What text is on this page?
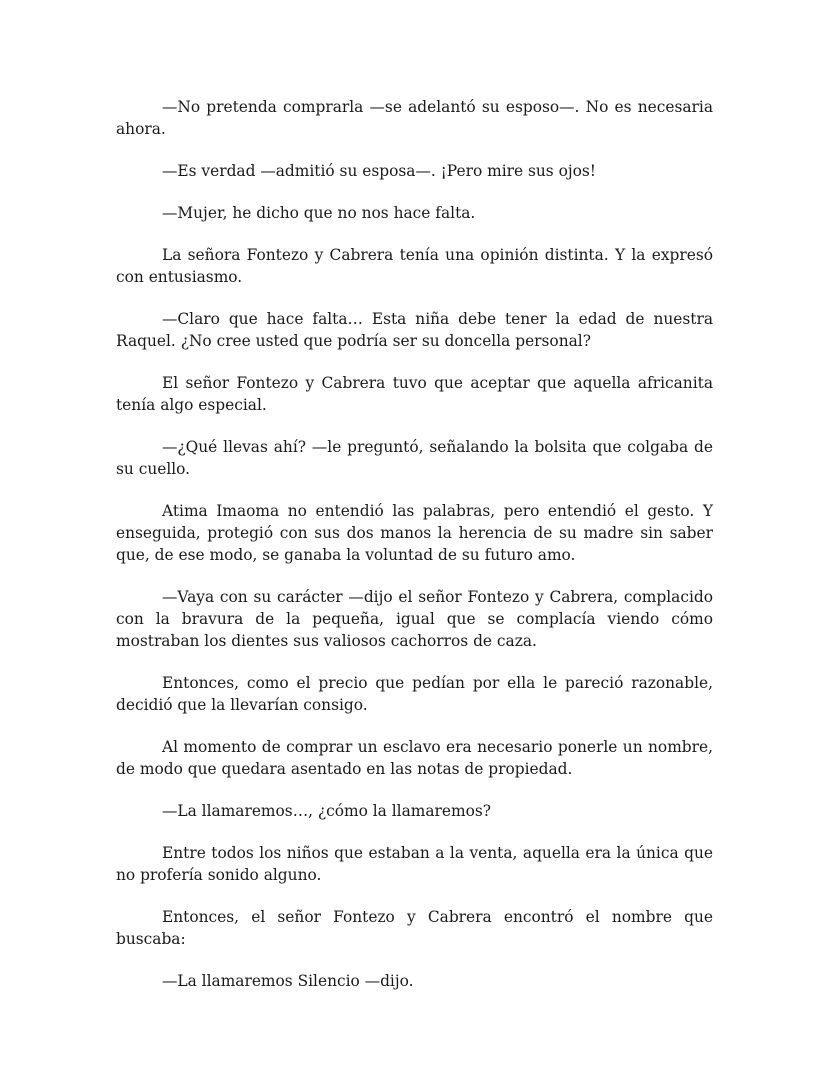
—No pretenda comprarla —se adelantó su esposo—. No es necesaria ahora.

—Es verdad —admitió su esposa—. ¡Pero mire sus ojos!

—Mujer, he dicho que no nos hace falta.

La señora Fontezo y Cabrera tenía una opinión distinta. Y la expresó con entusiasmo.

—Claro que hace falta… Esta niña debe tener la edad de nuestra Raquel. ¿No cree usted que podría ser su doncella personal?

El señor Fontezo y Cabrera tuvo que aceptar que aquella africanita tenía algo especial.

—¿Qué llevas ahí? —le preguntó, señalando la bolsita que colgaba de su cuello.

Atima Imaoma no entendió las palabras, pero entendió el gesto. Y enseguida, protegió con sus dos manos la herencia de su madre sin saber que, de ese modo, se ganaba la voluntad de su futuro amo.

—Vaya con su carácter —dijo el señor Fontezo y Cabrera, complacido con la bravura de la pequeña, igual que se complacía viendo cómo mostraban los dientes sus valiosos cachorros de caza.

Entonces, como el precio que pedían por ella le pareció razonable, decidió que la llevarían consigo.

Al momento de comprar un esclavo era necesario ponerle un nombre, de modo que quedara asentado en las notas de propiedad.

—La llamaremos…, ¿cómo la llamaremos?

Entre todos los niños que estaban a la venta, aquella era la única que no profería sonido alguno.

Entonces, el señor Fontezo y Cabrera encontró el nombre que buscaba:

—La llamaremos Silencio —dijo.
